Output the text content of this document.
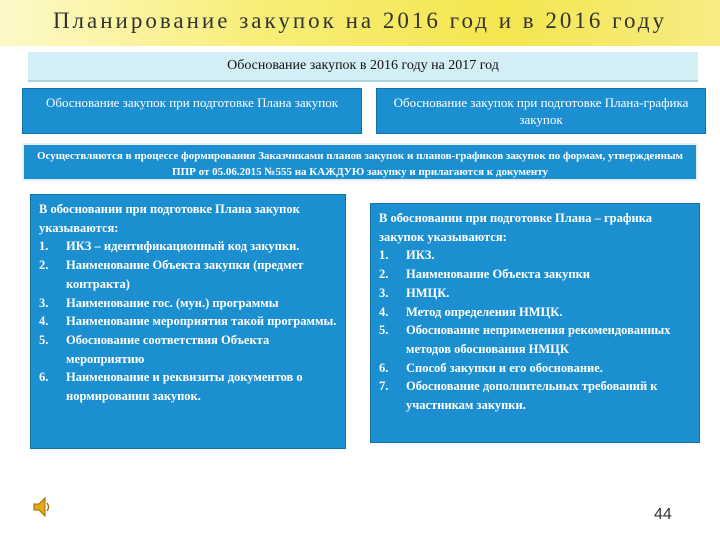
Планирование закупок на 2016 год и в 2016 году
Обоснование закупок в 2016 году на 2017 год
Обоснование закупок при подготовке Плана закупок	Обоснование закупок при подготовке Плана-графика закупок
Осуществляются в процессе формирования Заказчиками планов закупок и планов-графиков закупок по формам, утвержденным ППР от 05.06.2015 №555 на КАЖДУЮ закупку и прилагаются к документу
В обосновании при подготовке Плана закупок указываются:
1. ИКЗ – идентификационный код закупки.
2. Наименование Объекта закупки (предмет контракта)
3. Наименование гос. (мун.) программы
4. Наименование мероприятия такой программы.
5. Обоснование соответствия Объекта мероприятию
6. Наименование и реквизиты документов о нормировании закупок.
В обосновании при подготовке Плана – графика закупок указываются:
1. ИКЗ.
2. Наименование Объекта закупки
3. НМЦК.
4. Метод определения НМЦК.
5. Обоснование неприменения рекомендованных методов обоснования НМЦК
6. Способ закупки и его обоснование.
7. Обоснование дополнительных требований к участникам закупки.
44
